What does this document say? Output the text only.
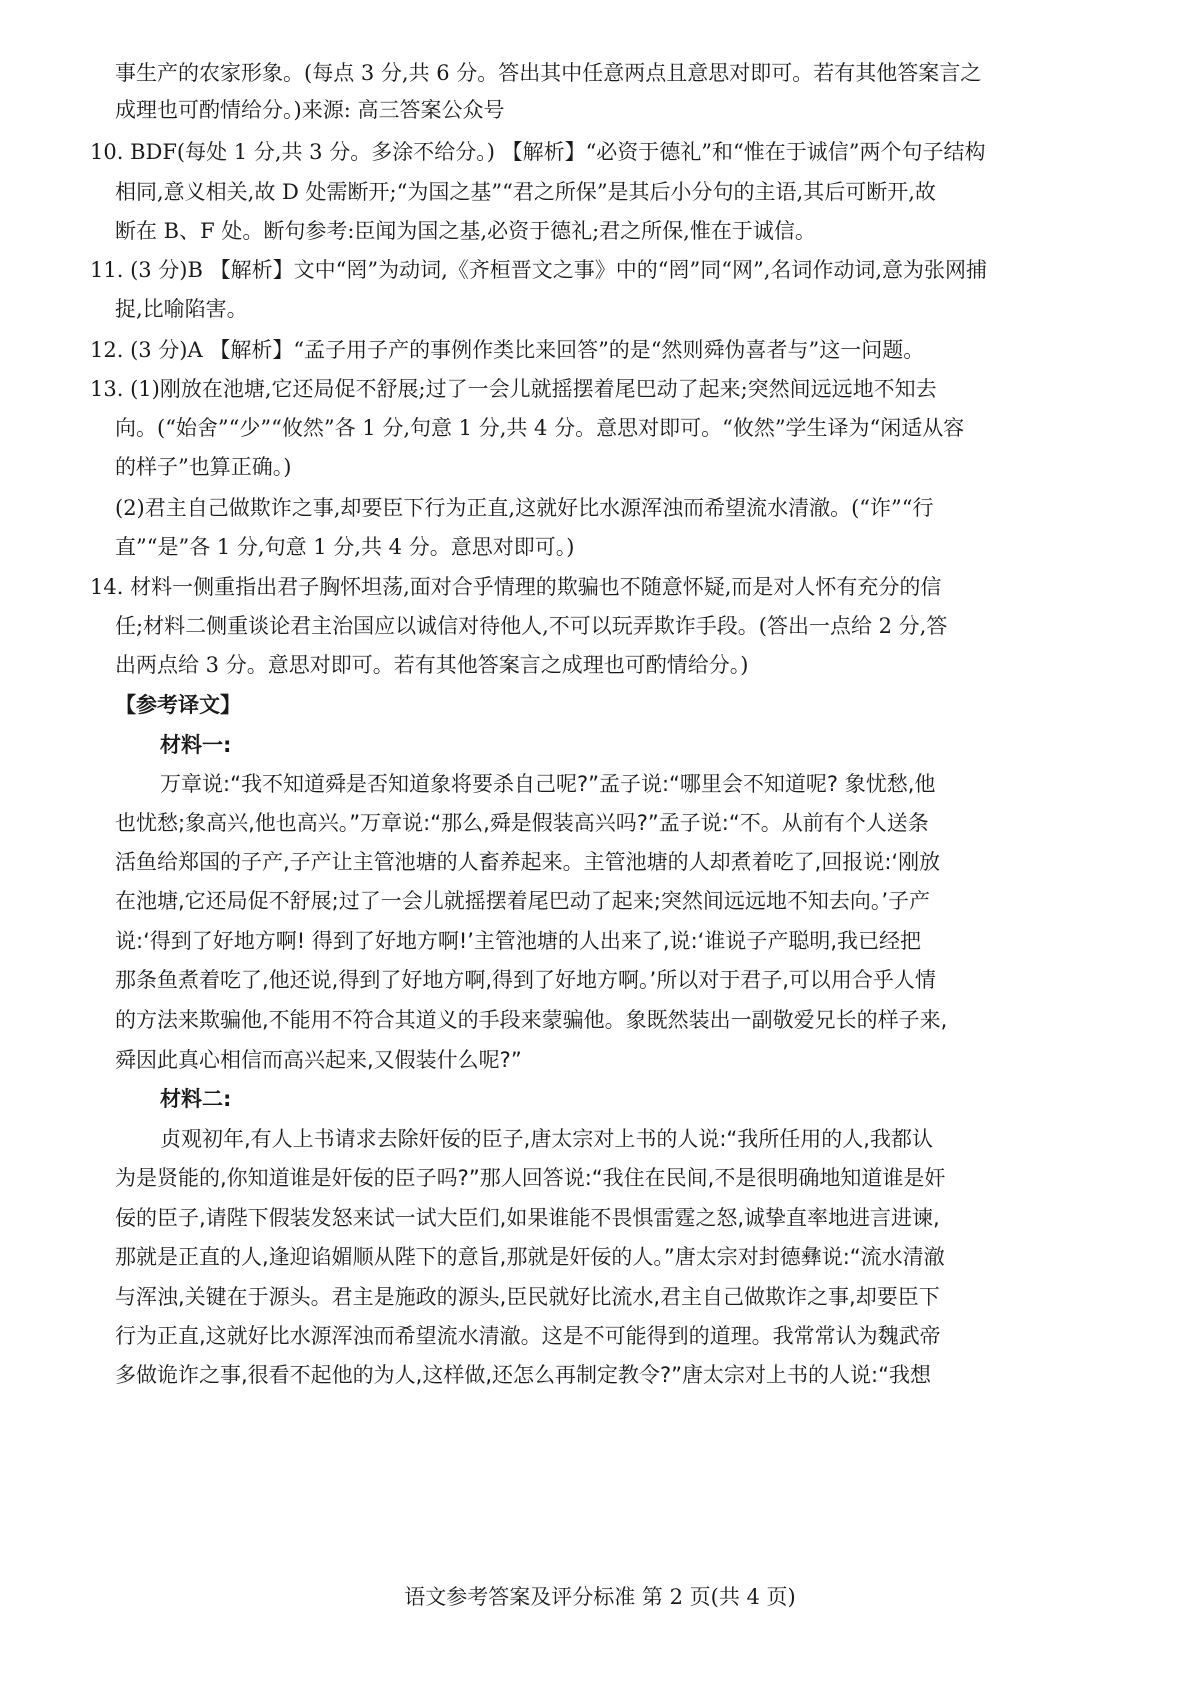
事生产的农家形象。(每点 3 分,共 6 分。答出其中任意两点且意思对即可。若有其他答案言之
成理也可酌情给分。)来源: 高三答案公众号
10. BDF(每处 1 分,共 3 分。多涂不给分。) 【解析】“必资于德礼”和“惟在于诚信”两个句子结构
相同,意义相关,故 D 处需断开;“为国之基”“君之所保”是其后小分句的主语,其后可断开,故
断在 B、F 处。断句参考:臣闻为国之基,必资于德礼;君之所保,惟在于诚信。
11. (3 分)B 【解析】文中“罔”为动词,《齐桓晋文之事》中的“罔”同“网”,名词作动词,意为张网捕
捉,比喻陷害。
12. (3 分)A 【解析】“孟子用子产的事例作类比来回答”的是“然则舜伪喜者与”这一问题。
13. (1)刚放在池塘,它还局促不舒展;过了一会儿就摇摆着尾巴动了起来;突然间远远地不知去
向。(“始舍”“少”“攸然”各 1 分,句意 1 分,共 4 分。意思对即可。“攸然”学生译为“闲适从容
的样子”也算正确。)
(2)君主自己做欺诈之事,却要臣下行为正直,这就好比水源浑浊而希望流水清澈。(“诈”“行
直”“是”各 1 分,句意 1 分,共 4 分。意思对即可。)
14. 材料一侧重指出君子胸怀坦荡,面对合乎情理的欺骗也不随意怀疑,而是对人怀有充分的信
任;材料二侧重谈论君主治国应以诚信对待他人,不可以玩弄欺诈手段。(答出一点给 2 分,答
出两点给 3 分。意思对即可。若有其他答案言之成理也可酌情给分。)
【参考译文】
材料一:
万章说:“我不知道舜是否知道象将要杀自己呢?”孟子说:“哪里会不知道呢? 象忧愁,他
也忧愁;象高兴,他也高兴。”万章说:“那么,舜是假装高兴吗?”孟子说:“不。从前有个人送条
活鱼给郑国的子产,子产让主管池塘的人畜养起来。主管池塘的人却煮着吃了,回报说:‘刚放
在池塘,它还局促不舒展;过了一会儿就摇摆着尾巴动了起来;突然间远远地不知去向。’子产
说:‘得到了好地方啊! 得到了好地方啊!’主管池塘的人出来了,说:‘谁说子产聪明,我已经把
那条鱼煮着吃了,他还说,得到了好地方啊,得到了好地方啊。’所以对于君子,可以用合乎人情
的方法来欺骗他,不能用不符合其道义的手段来蒙骗他。象既然装出一副敬爱兄长的样子来,
舜因此真心相信而高兴起来,又假装什么呢?”
材料二:
贞观初年,有人上书请求去除奸佞的臣子,唐太宗对上书的人说:“我所任用的人,我都认
为是贤能的,你知道谁是奸佞的臣子吗?”那人回答说:“我住在民间,不是很明确地知道谁是奸
佞的臣子,请陛下假装发怒来试一试大臣们,如果谁能不畏惧雷霆之怒,诚挚直率地进言进谏,
那就是正直的人,逢迎谄媚顺从陛下的意旨,那就是奸佞的人。”唐太宗对封德彝说:“流水清澈
与浑浊,关键在于源头。君主是施政的源头,臣民就好比流水,君主自己做欺诈之事,却要臣下
行为正直,这就好比水源浑浊而希望流水清澈。这是不可能得到的道理。我常常认为魏武帝
多做诡诈之事,很看不起他的为人,这样做,还怎么再制定教令?”唐太宗对上书的人说:“我想
语文参考答案及评分标准 第 2 页(共 4 页)
